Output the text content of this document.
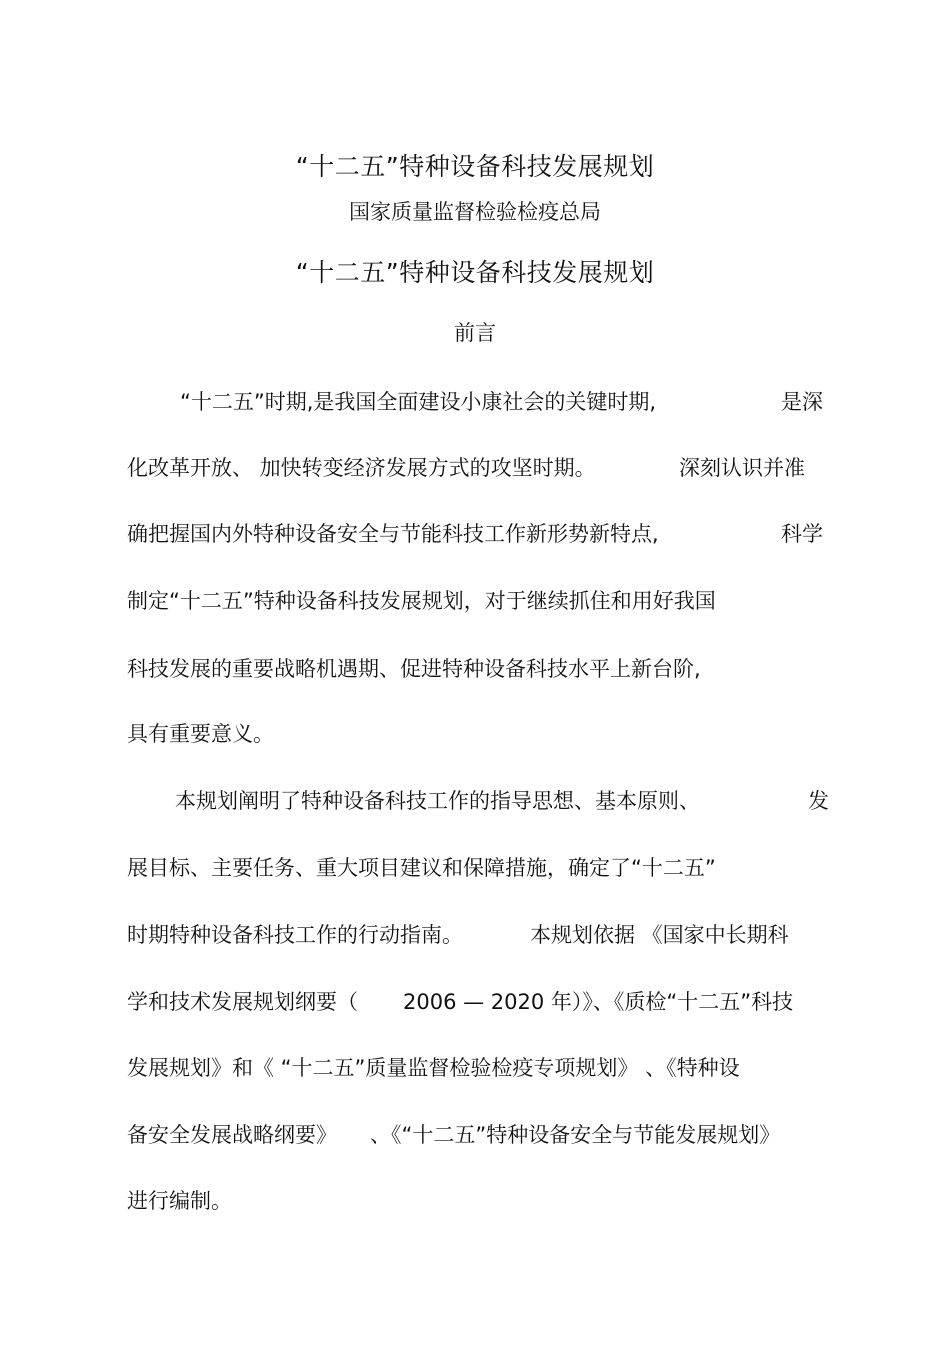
“十二五”特种设备科技发展规划
国家质量监督检验检疫总局
“十二五”特种设备科技发展规划
前言
“十二五”时期,是我国全面建设小康社会的关键时期,	是深
化改革开放、 加快转变经济发展方式的攻坚时期。	深刻认识并准
确把握国内外特种设备安全与节能科技工作新形势新特点,	科学
制定“十二五”特种设备科技发展规划，对于继续抓住和用好我国
科技发展的重要战略机遇期、促进特种设备科技水平上新台阶,
具有重要意义。
本规划阐明了特种设备科技工作的指导思想、基本原则、	发
展目标、主要任务、重大项目建议和保障措施，确定了“十二五”
时期特种设备科技工作的行动指南。	本规划依据 《国家中长期科
学和技术发展规划纲要（ 2006 — 2020 年）》、《质检“十二五”科技
发展规划》和《 “十二五”质量监督检验检疫专项规划》 、《特种设
备安全发展战略纲要》 、《“十二五”特种设备安全与节能发展规划》
进行编制。
